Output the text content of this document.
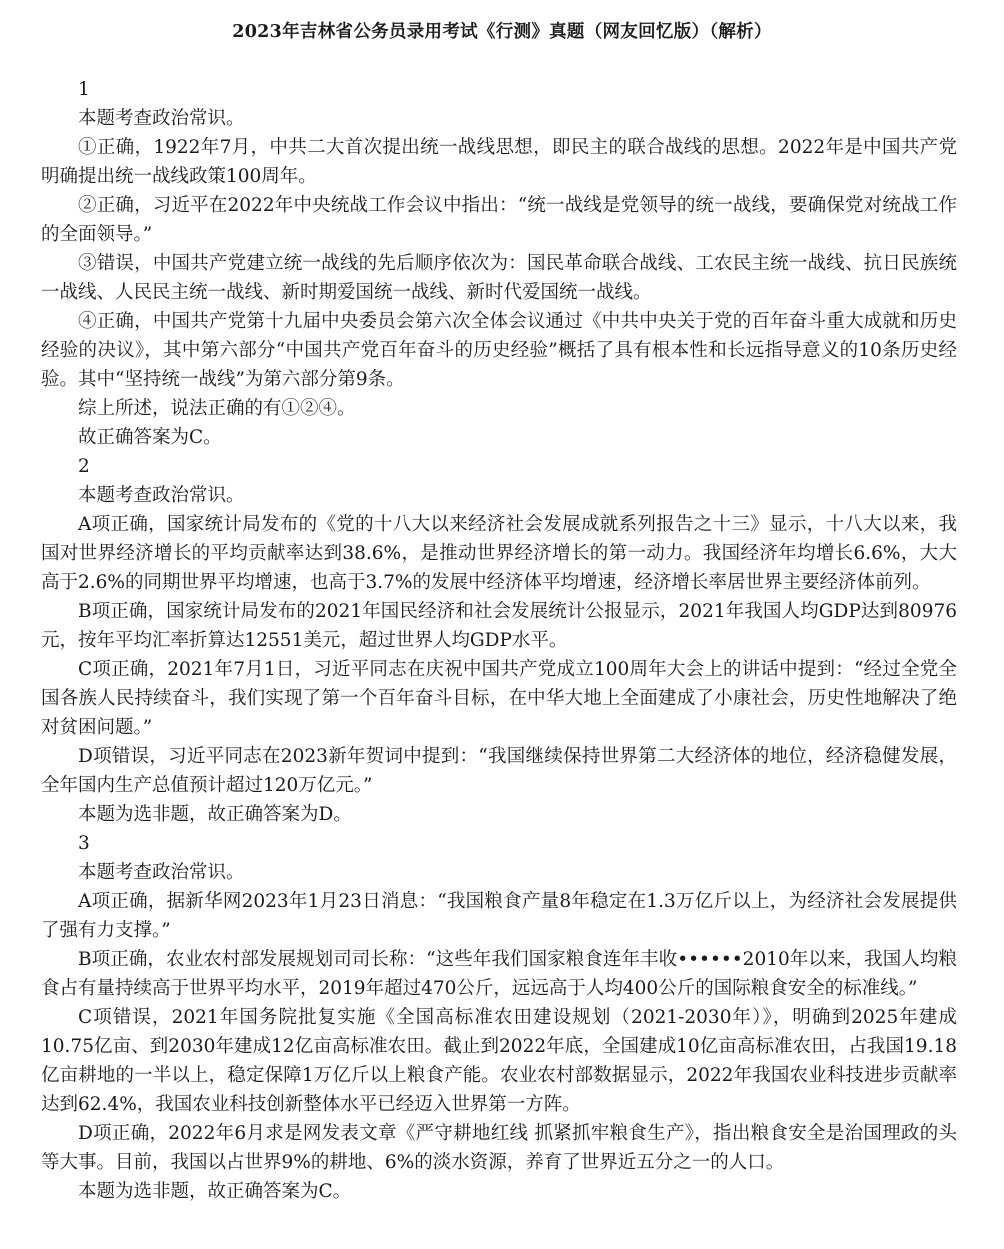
2023年吉林省公务员录用考试《行测》真题（网友回忆版）（解析）

1

本题考查政治常识。

①正确，1922年7月，中共二大首次提出统一战线思想，即民主的联合战线的思想。2022年是中国共产党明确提出统一战线政策100周年。

②正确，习近平在2022年中央统战工作会议中指出：“统一战线是党领导的统一战线，要确保党对统战工作的全面领导。”

③错误，中国共产党建立统一战线的先后顺序依次为：国民革命联合战线、工农民主统一战线、抗日民族统一战线、人民民主统一战线、新时期爱国统一战线、新时代爱国统一战线。

④正确，中国共产党第十九届中央委员会第六次全体会议通过《中共中央关于党的百年奋斗重大成就和历史经验的决议》，其中第六部分“中国共产党百年奋斗的历史经验”概括了具有根本性和长远指导意义的10条历史经验。其中“坚持统一战线”为第六部分第9条。

综上所述，说法正确的有①②④。

故正确答案为C。

2

本题考查政治常识。

A项正确，国家统计局发布的《党的十八大以来经济社会发展成就系列报告之十三》显示，十八大以来，我国对世界经济增长的平均贡献率达到38.6%，是推动世界经济增长的第一动力。我国经济年均增长6.6%，大大高于2.6%的同期世界平均增速，也高于3.7%的发展中经济体平均增速，经济增长率居世界主要经济体前列。

B项正确，国家统计局发布的2021年国民经济和社会发展统计公报显示，2021年我国人均GDP达到80976元，按年平均汇率折算达12551美元，超过世界人均GDP水平。

C项正确，2021年7月1日，习近平同志在庆祝中国共产党成立100周年大会上的讲话中提到：“经过全党全国各族人民持续奋斗，我们实现了第一个百年奋斗目标，在中华大地上全面建成了小康社会，历史性地解决了绝对贫困问题。”

D项错误，习近平同志在2023新年贺词中提到：“我国继续保持世界第二大经济体的地位，经济稳健发展，全年国内生产总值预计超过120万亿元。”

本题为选非题，故正确答案为D。

3

本题考查政治常识。

A项正确，据新华网2023年1月23日消息：“我国粮食产量8年稳定在1.3万亿斤以上，为经济社会发展提供了强有力支撑。”

B项正确，农业农村部发展规划司司长称：“这些年我们国家粮食连年丰收••••••2010年以来，我国人均粮食占有量持续高于世界平均水平，2019年超过470公斤，远远高于人均400公斤的国际粮食安全的标准线。”

C项错误，2021年国务院批复实施《全国高标准农田建设规划（2021-2030年）》，明确到2025年建成10.75亿亩、到2030年建成12亿亩高标准农田。截止到2022年底，全国建成10亿亩高标准农田，占我国19.18亿亩耕地的一半以上，稳定保障1万亿斤以上粮食产能。农业农村部数据显示，2022年我国农业科技进步贡献率达到62.4%，我国农业科技创新整体水平已经迈入世界第一方阵。

D项正确，2022年6月求是网发表文章《严守耕地红线 抓紧抓牢粮食生产》，指出粮食安全是治国理政的头等大事。目前，我国以占世界9%的耕地、6%的淡水资源，养育了世界近五分之一的人口。

本题为选非题，故正确答案为C。
